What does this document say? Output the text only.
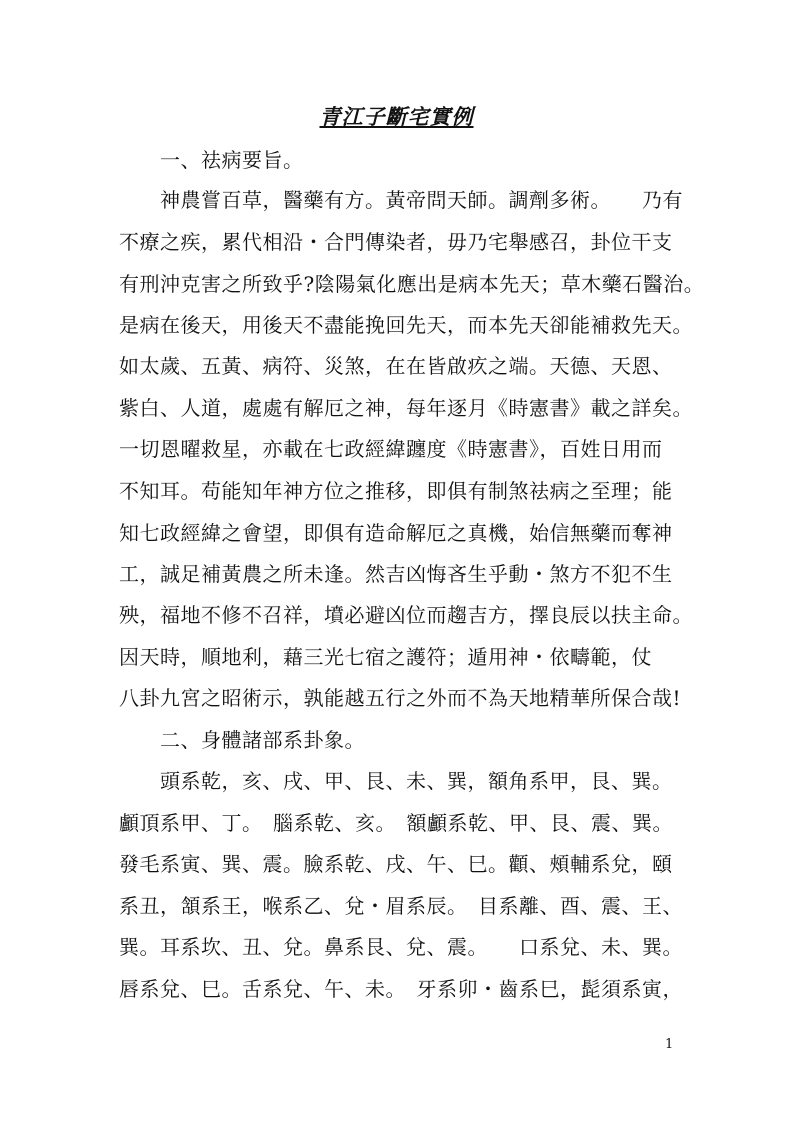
青江子斷宅實例
　　一、祛病要旨。
　　神農嘗百草，醫藥有方。黃帝問天師。調劑多術。　　乃有
不療之疾，累代相沿・合門傳染者，毋乃宅舉感召，卦位干支
有刑沖克害之所致乎?陰陽氣化應出是病本先天；草木藥石醫治。
是病在後天，用後天不盡能挽回先天，而本先天卻能補救先天。
如太歲、五黃、病符、災煞，在在皆啟疚之端。天德、天恩、
紫白、人道，處處有解厄之神，每年逐月《時憲書》載之詳矣。
一切恩曜救星，亦載在七政經緯躔度《時憲書》，百姓日用而
不知耳。苟能知年神方位之推移，即俱有制煞祛病之至理；能
知七政經緯之會望，即俱有造命解厄之真機，始信無藥而奪神
工，誠足補黃農之所未逢。然吉凶悔吝生乎動・煞方不犯不生
殃，福地不修不召祥，墳必避凶位而趨吉方，擇良辰以扶主命。
因天時，順地利，藉三光七宿之護符；遁用神・依疇範，仗
八卦九宮之昭術示，孰能越五行之外而不為天地精華所保合哉!
　　二、身體諸部系卦象。
　　頭系乾，亥、戌、甲、艮、未、巽，額角系甲，艮、巽。
顱頂系甲、丁。　腦系乾、亥。　額顱系乾、甲、艮、震、巽。
發毛系寅、巽、震。臉系乾、戌、午、巳。顴、頰輔系兌，頤
系丑，頷系王，喉系乙、兌・眉系辰。　目系離、酉、震、王、
巽。耳系坎、丑、兌。鼻系艮、兌、震。　　口系兌、未、巽。
唇系兌、巳。舌系兌、午、未。　牙系卯・齒系巳，髭須系寅，
1
